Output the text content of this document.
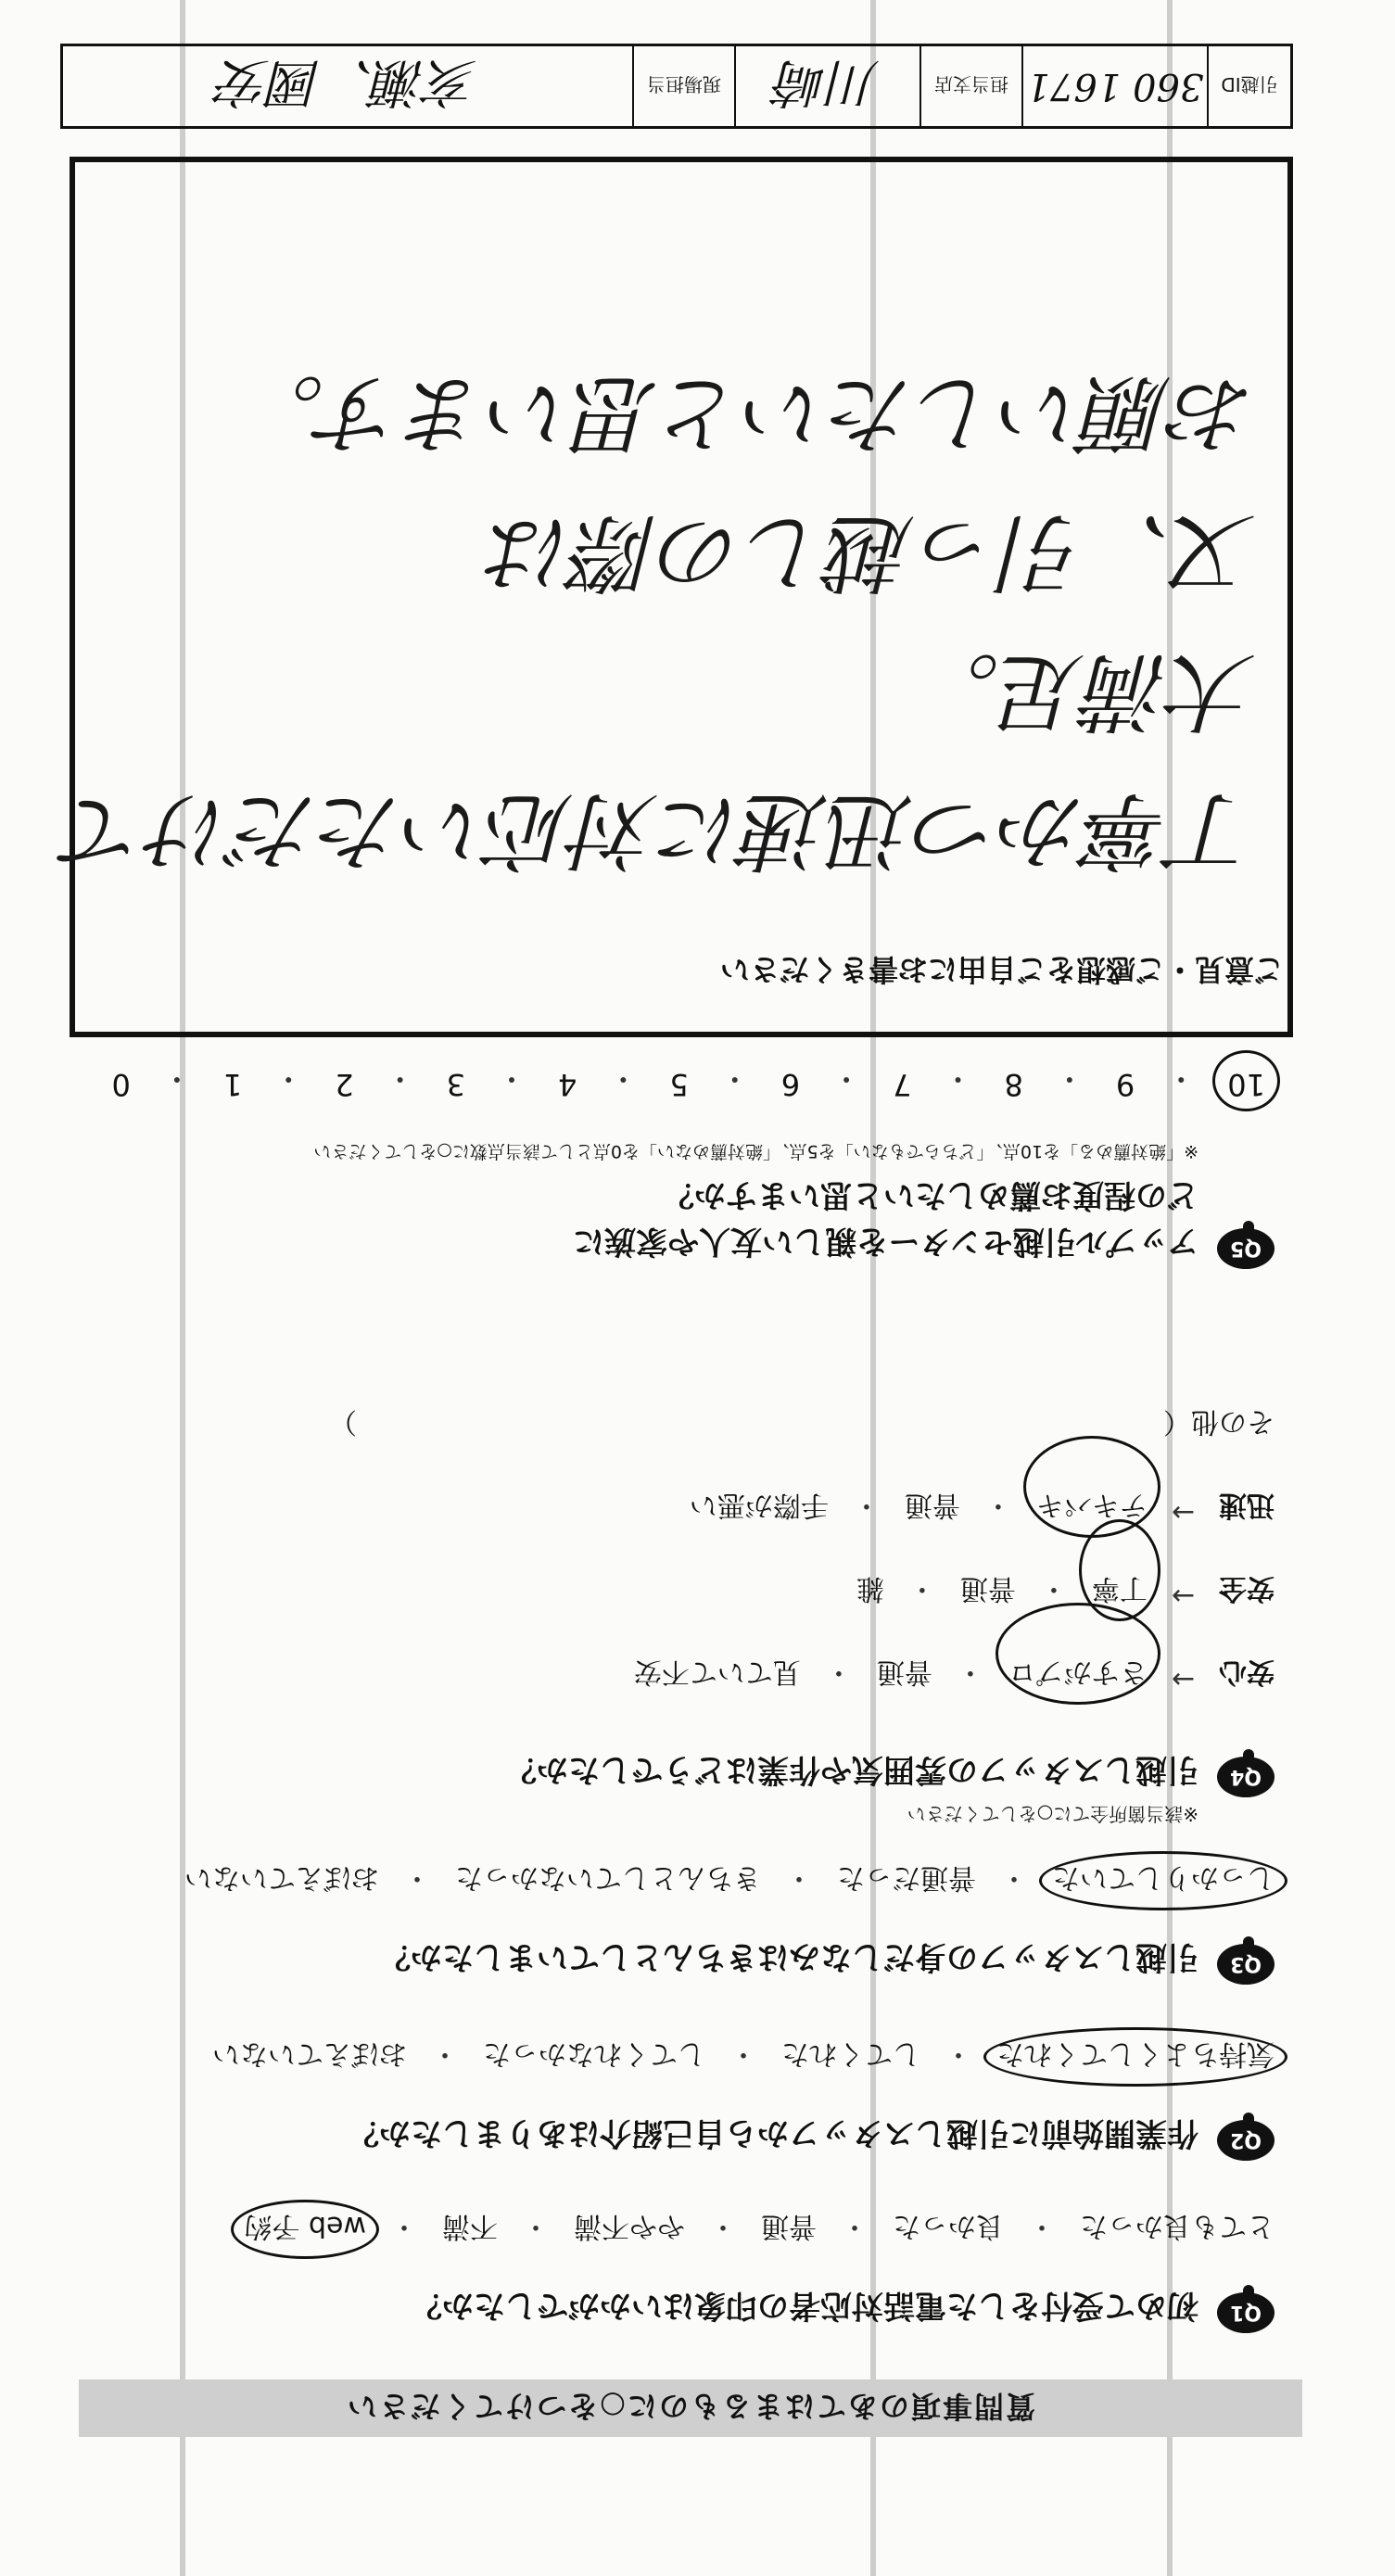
質問事項のあてはまるものに○をつけてください
Q1
初めて受付をした電話対応者の印象はいかがでしたか？
とても良かった
・
良かった
・
普通
・
やや不満
・
不満
・
web 予約
Q2
作業開始前に引越しスタッフから自己紹介はありましたか？
気持ちよくしてくれた
・
してくれた
・
してくれなかった
・
おぼえていない
Q3
引越しスタッフの身だしなみはきちんとしていましたか？
しっかりしていた
・
普通だった
・
きちんとしていなかった
・
おぼえていない
Q4
引越しスタッフの雰囲気や作業はどうでしたか？
※該当箇所全てに○をしてください
安心
→
さすがプロ
・
普通
・
見ていて不安
安全
→
丁寧
・
普通
・
雑
迅速
→
テキパキ
・
普通
・
手際が悪い
その他（　　　　　　　　　　　　　　　　　　　　　　　　　　　　　）
Q5
アップル引越センターを親しい友人や家族に
どの程度お薦めしたいと思いますか？
※「絶対薦める」を10点、「どちらでもない」を5点、「絶対薦めない」を0点として該当点数に○をしてください
10
・
9
・
8
・
7
・
6
・
5
・
4
・
3
・
2
・
1
・
0
ご意見・ご感想をご自由にお書きください
丁寧かつ迅速に対応いただけて
大満足。
又、引っ越しの際は
お願いしたいと思います。
引越ID
360 1671
担当支店
川崎
現場担当
亥瀬、國安
